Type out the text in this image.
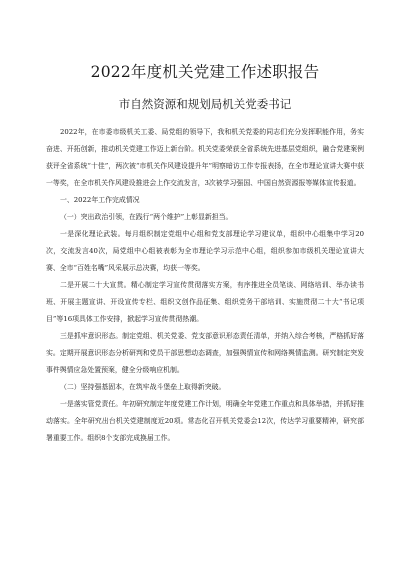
2022年度机关党建工作述职报告
市自然资源和规划局机关党委书记

2022年，在市委市级机关工委、局党组的领导下，我和机关党委的同志们充分发挥职能作用，务实奋进、开拓创新，推动机关党建工作迈上新台阶。机关党委荣获全省系统先进基层党组织，融合党建案例获评全省系统“十佳”，两次被“市机关作风建设提升年”明察暗访工作专报表扬，在全市理论宣讲大赛中获一等奖，在全市机关作风建设推进会上作交流发言，3次被学习强国、中国自然资源报等媒体宣传报道。

一、2022年工作完成情况

（一）突出政治引领，在践行“两个维护”上彰显新担当。

一是深化理论武装。每月组织制定党组中心组和党支部理论学习建议单，组织中心组集中学习20次，交流发言40次，局党组中心组被表彰为全市理论学习示范中心组，组织参加市级机关理论宣讲大赛、全市“百姓名嘴”风采展示总决赛，均获一等奖。

二是开展二十大宣贯。精心制定学习宣传贯彻落实方案，有序推进全员笔谈、网络培训、举办读书班、开展主题宣讲、开设宣传专栏、组织文创作品征集、组织党务干部培训、实施贯彻二十大“书记项目”等16项具体工作安排，掀起学习宣传贯彻热潮。

三是抓牢意识形态。制定党组、机关党委、党支部意识形态责任清单，并纳入综合考核，严格抓好落实。定期开展意识形态分析研判和党员干部思想动态调查，加强舆情宣传和网络舆情监测。研究制定突发事件舆情应急处置预案，健全分级响应机制。

（二）坚持强基固本，在筑牢战斗堡垒上取得新突破。

一是落实管党责任。年初研究制定年度党建工作计划，明确全年党建工作重点和具体举措，并抓好推动落实。全年研究出台机关党建制度近20项。常态化召开机关党委会12次，传达学习重要精神，研究部署重要工作。组织8个支部完成换届工作。
